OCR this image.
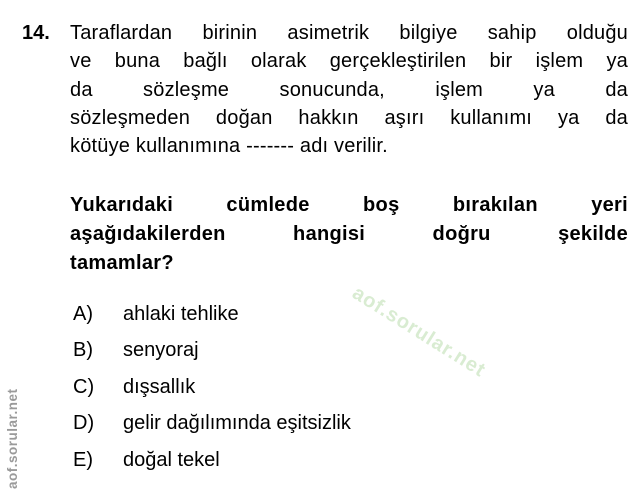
aof.sorular.net
aof.sorular.net
14. Taraflardan birinin asimetrik bilgiye sahip olduğu
ve buna bağlı olarak gerçekleştirilen bir işlem ya
da sözleşme sonucunda, işlem ya da
sözleşmeden doğan hakkın aşırı kullanımı ya da
kötüye kullanımına ------- adı verilir.
Yukarıdaki cümlede boş bırakılan yeri
aşağıdakilerden hangisi doğru şekilde
tamamlar?
A)	ahlaki tehlike
B)	senyoraj
C)	dışsallık
D)	gelir dağılımında eşitsizlik
E)	doğal tekel
